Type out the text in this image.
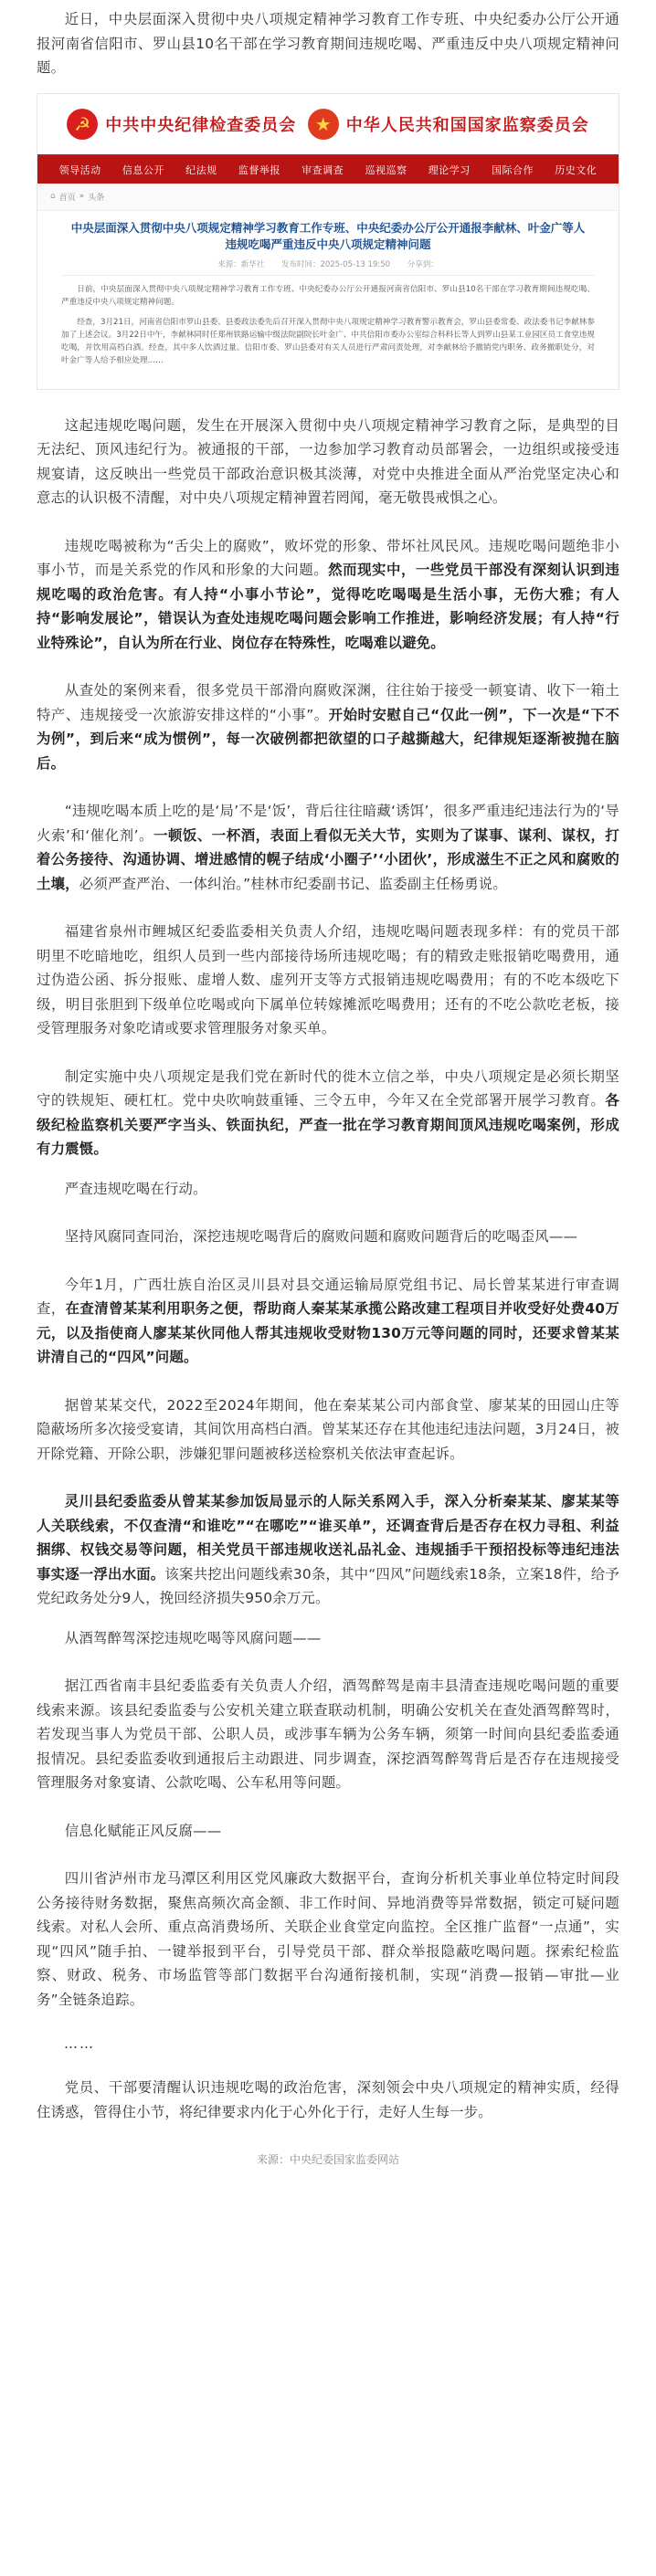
近日，中央层面深入贯彻中央八项规定精神学习教育工作专班、中央纪委办公厅公开通报河南省信阳市、罗山县10名干部在学习教育期间违规吃喝、严重违反中央八项规定精神问题。

☭ 中共中央纪律检查委员会	★ 中华人民共和国国家监察委员会
领导活动 信息公开 纪法规 监督举报 审查调查 巡视巡察 理论学习 国际合作 历史文化
⌂ 首页 » 头条
中央层面深入贯彻中央八项规定精神学习教育工作专班、中央纪委办公厅公开通报李献林、叶金广等人违规吃喝严重违反中央八项规定精神问题
来源：新华社 发布时间：2025-05-13 19:50 分享到：

日前，中央层面深入贯彻中央八项规定精神学习教育工作专班、中央纪委办公厅公开通报河南省信阳市、罗山县10名干部在学习教育期间违规吃喝、严重违反中央八项规定精神问题。

经查，3月21日，河南省信阳市罗山县委、县委政法委先后召开深入贯彻中央八项规定精神学习教育警示教育会，罗山县委常委、政法委书记李献林参加了上述会议。3月22日中午，李献林同时任郑州铁路运输中级法院副院长叶金广、中共信阳市委办公室综合科科长等人到罗山县某工业园区员工食堂违规吃喝，并饮用高档白酒。经查，其中多人饮酒过量。信阳市委、罗山县委对有关人员进行严肃问责处理，对李献林给予撤销党内职务、政务撤职处分，对叶金广等人给予相应处理……

这起违规吃喝问题，发生在开展深入贯彻中央八项规定精神学习教育之际，是典型的目无法纪、顶风违纪行为。被通报的干部，一边参加学习教育动员部署会，一边组织或接受违规宴请，这反映出一些党员干部政治意识极其淡薄，对党中央推进全面从严治党坚定决心和意志的认识极不清醒，对中央八项规定精神置若罔闻，毫无敬畏戒惧之心。

违规吃喝被称为“舌尖上的腐败”，败坏党的形象、带坏社风民风。违规吃喝问题绝非小事小节，而是关系党的作风和形象的大问题。然而现实中，一些党员干部没有深刻认识到违规吃喝的政治危害。有人持“小事小节论”，觉得吃吃喝喝是生活小事，无伤大雅；有人持“影响发展论”，错误认为查处违规吃喝问题会影响工作推进，影响经济发展；有人持“行业特殊论”，自认为所在行业、岗位存在特殊性，吃喝难以避免。

从查处的案例来看，很多党员干部滑向腐败深渊，往往始于接受一顿宴请、收下一箱土特产、违规接受一次旅游安排这样的“小事”。开始时安慰自己“仅此一例”，下一次是“下不为例”，到后来“成为惯例”，每一次破例都把欲望的口子越撕越大，纪律规矩逐渐被抛在脑后。

“违规吃喝本质上吃的是‘局’不是‘饭’，背后往往暗藏‘诱饵’，很多严重违纪违法行为的‘导火索’和‘催化剂’。一顿饭、一杯酒，表面上看似无关大节，实则为了谋事、谋利、谋权，打着公务接待、沟通协调、增进感情的幌子结成‘小圈子’‘小团伙’，形成滋生不正之风和腐败的土壤，必须严查严治、一体纠治。”桂林市纪委副书记、监委副主任杨勇说。

福建省泉州市鲤城区纪委监委相关负责人介绍，违规吃喝问题表现多样：有的党员干部明里不吃暗地吃，组织人员到一些内部接待场所违规吃喝；有的精致走账报销吃喝费用，通过伪造公函、拆分报账、虚增人数、虚列开支等方式报销违规吃喝费用；有的不吃本级吃下级，明目张胆到下级单位吃喝或向下属单位转嫁摊派吃喝费用；还有的不吃公款吃老板，接受管理服务对象吃请或要求管理服务对象买单。

制定实施中央八项规定是我们党在新时代的徙木立信之举，中央八项规定是必须长期坚守的铁规矩、硬杠杠。党中央吹响鼓重锤、三令五申，今年又在全党部署开展学习教育。各级纪检监察机关要严字当头、铁面执纪，严查一批在学习教育期间顶风违规吃喝案例，形成有力震慑。

严查违规吃喝在行动。

坚持风腐同查同治，深挖违规吃喝背后的腐败问题和腐败问题背后的吃喝歪风——

今年1月，广西壮族自治区灵川县对县交通运输局原党组书记、局长曾某某进行审查调查，在查清曾某某利用职务之便，帮助商人秦某某承揽公路改建工程项目并收受好处费40万元，以及指使商人廖某某伙同他人帮其违规收受财物130万元等问题的同时，还要求曾某某讲清自己的“四风”问题。

据曾某某交代，2022至2024年期间，他在秦某某公司内部食堂、廖某某的田园山庄等隐蔽场所多次接受宴请，其间饮用高档白酒。曾某某还存在其他违纪违法问题，3月24日，被开除党籍、开除公职，涉嫌犯罪问题被移送检察机关依法审查起诉。

灵川县纪委监委从曾某某参加饭局显示的人际关系网入手，深入分析秦某某、廖某某等人关联线索，不仅查清“和谁吃”“在哪吃”“谁买单”，还调查背后是否存在权力寻租、利益捆绑、权钱交易等问题，相关党员干部违规收送礼品礼金、违规插手干预招投标等违纪违法事实逐一浮出水面。该案共挖出问题线索30条，其中“四风”问题线索18条，立案18件，给予党纪政务处分9人，挽回经济损失950余万元。

从酒驾醉驾深挖违规吃喝等风腐问题——

据江西省南丰县纪委监委有关负责人介绍，酒驾醉驾是南丰县清查违规吃喝问题的重要线索来源。该县纪委监委与公安机关建立联查联动机制，明确公安机关在查处酒驾醉驾时，若发现当事人为党员干部、公职人员，或涉事车辆为公务车辆，须第一时间向县纪委监委通报情况。县纪委监委收到通报后主动跟进、同步调查，深挖酒驾醉驾背后是否存在违规接受管理服务对象宴请、公款吃喝、公车私用等问题。

信息化赋能正风反腐——

四川省泸州市龙马潭区利用区党风廉政大数据平台，查询分析机关事业单位特定时间段公务接待财务数据，聚焦高频次高金额、非工作时间、异地消费等异常数据，锁定可疑问题线索。对私人会所、重点高消费场所、关联企业食堂定向监控。全区推广监督“一点通”，实现“四风”随手拍、一键举报到平台，引导党员干部、群众举报隐蔽吃喝问题。探索纪检监察、财政、税务、市场监管等部门数据平台沟通衔接机制，实现“消费—报销—审批—业务”全链条追踪。

……

党员、干部要清醒认识违规吃喝的政治危害，深刻领会中央八项规定的精神实质，经得住诱惑，管得住小节，将纪律要求内化于心外化于行，走好人生每一步。

来源：中央纪委国家监委网站
